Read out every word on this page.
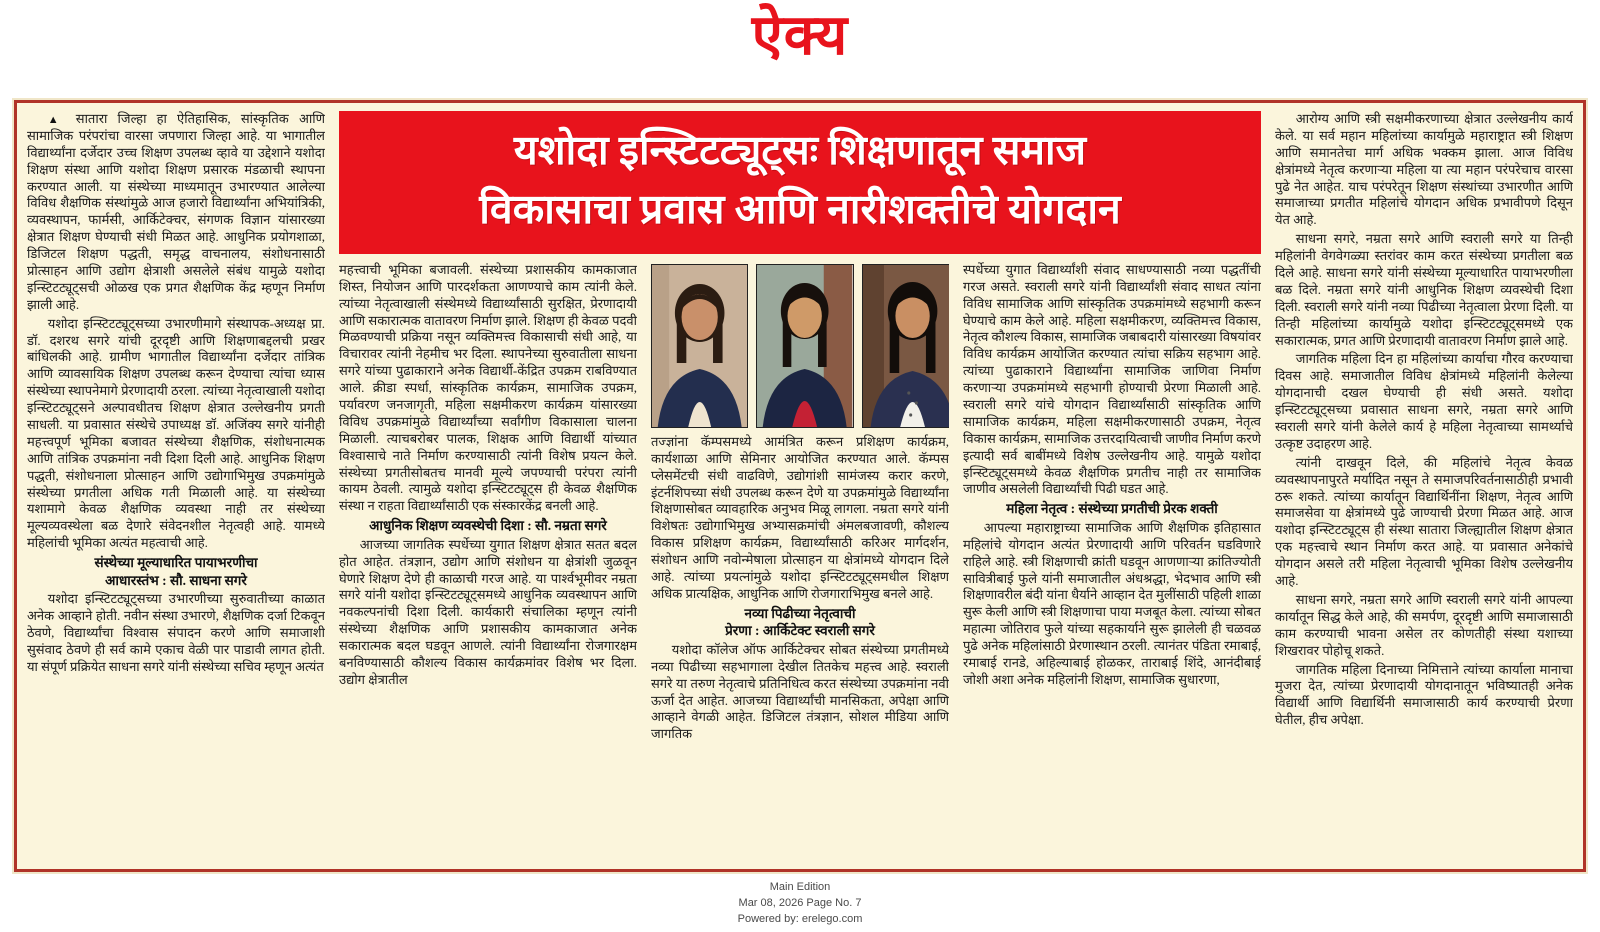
ऐक्य

▲ सातारा जिल्हा हा ऐतिहासिक, सांस्कृतिक आणि सामाजिक परंपरांचा वारसा जपणारा जिल्हा आहे. या भागातील विद्यार्थ्यांना दर्जेदार उच्च शिक्षण उपलब्ध व्हावे या उद्देशाने यशोदा शिक्षण संस्था आणि यशोदा शिक्षण प्रसारक मंडळाची स्थापना करण्यात आली. या संस्थेच्या माध्यमातून उभारण्यात आलेल्या विविध शैक्षणिक संस्थांमुळे आज हजारो विद्यार्थ्यांना अभियांत्रिकी, व्यवस्थापन, फार्मसी, आर्किटेक्चर, संगणक विज्ञान यांसारख्या क्षेत्रात शिक्षण घेण्याची संधी मिळत आहे. आधुनिक प्रयोगशाळा, डिजिटल शिक्षण पद्धती, समृद्ध वाचनालय, संशोधनासाठी प्रोत्साहन आणि उद्योग क्षेत्राशी असलेले संबंध यामुळे यशोदा इन्स्टिटट्यूट्सची ओळख एक प्रगत शैक्षणिक केंद्र म्हणून निर्माण झाली आहे.

यशोदा इन्स्टिटट्यूट्सच्या उभारणीमागे संस्थापक-अध्यक्ष प्रा. डॉ. दशरथ सगरे यांची दूरदृष्टी आणि शिक्षणाबद्दलची प्रखर बांधिलकी आहे. ग्रामीण भागातील विद्यार्थ्यांना दर्जेदार तांत्रिक आणि व्यावसायिक शिक्षण उपलब्ध करून देण्याचा त्यांचा ध्यास संस्थेच्या स्थापनेमागे प्रेरणादायी ठरला. त्यांच्या नेतृत्वाखाली यशोदा इन्स्टिटट्यूट्सने अल्पावधीतच शिक्षण क्षेत्रात उल्लेखनीय प्रगती साधली. या प्रवासात संस्थेचे उपाध्यक्ष डॉ. अजिंक्य सगरे यांनीही महत्त्वपूर्ण भूमिका बजावत संस्थेच्या शैक्षणिक, संशोधनात्मक आणि तांत्रिक उपक्रमांना नवी दिशा दिली आहे. आधुनिक शिक्षण पद्धती, संशोधनाला प्रोत्साहन आणि उद्योगाभिमुख उपक्रमांमुळे संस्थेच्या प्रगतीला अधिक गती मिळाली आहे. या संस्थेच्या यशामागे केवळ शैक्षणिक व्यवस्था नाही तर संस्थेच्या मूल्यव्यवस्थेला बळ देणारे संवेदनशील नेतृत्वही आहे. यामध्ये महिलांची भूमिका अत्यंत महत्वाची आहे.

संस्थेच्या मूल्याधारित पायाभरणीचा
आधारस्तंभ : सौ. साधना सगरे

यशोदा इन्स्टिटट्यूट्सच्या उभारणीच्या सुरुवातीच्या काळात अनेक आव्हाने होती. नवीन संस्था उभारणे, शैक्षणिक दर्जा टिकवून ठेवणे, विद्यार्थ्यांचा विश्वास संपादन करणे आणि समाजाशी सुसंवाद ठेवणे ही सर्व कामे एकाच वेळी पार पाडावी लागत होती. या संपूर्ण प्रक्रियेत साधना सगरे यांनी संस्थेच्या सचिव म्हणून अत्यंत

यशोदा इन्स्टिटट्यूट्सः शिक्षणातून समाज
विकासाचा प्रवास आणि नारीशक्तीचे योगदान

महत्त्वाची भूमिका बजावली. संस्थेच्या प्रशासकीय कामकाजात शिस्त, नियोजन आणि पारदर्शकता आणण्याचे काम त्यांनी केले. त्यांच्या नेतृत्वाखाली संस्थेमध्ये विद्यार्थ्यांसाठी सुरक्षित, प्रेरणादायी आणि सकारात्मक वातावरण निर्माण झाले. शिक्षण ही केवळ पदवी मिळवण्याची प्रक्रिया नसून व्यक्तिमत्त्व विकासाची संधी आहे, या विचारावर त्यांनी नेहमीच भर दिला. स्थापनेच्या सुरुवातीला साधना सगरे यांच्या पुढाकाराने अनेक विद्यार्थी-केंद्रित उपक्रम राबविण्यात आले. क्रीडा स्पर्धा, सांस्कृतिक कार्यक्रम, सामाजिक उपक्रम, पर्यावरण जनजागृती, महिला सक्षमीकरण कार्यक्रम यांसारख्या विविध उपक्रमांमुळे विद्यार्थ्यांच्या सर्वांगीण विकासाला चालना मिळाली. त्याचबरोबर पालक, शिक्षक आणि विद्यार्थी यांच्यात विश्वासाचे नाते निर्माण करण्यासाठी त्यांनी विशेष प्रयत्न केले. संस्थेच्या प्रगतीसोबतच मानवी मूल्ये जपण्याची परंपरा त्यांनी कायम ठेवली. त्यामुळे यशोदा इन्स्टिटट्यूट्स ही केवळ शैक्षणिक संस्था न राहता विद्यार्थ्यांसाठी एक संस्कारकेंद्र बनली आहे.

आधुनिक शिक्षण व्यवस्थेची दिशा : सौ. नम्रता सगरे

आजच्या जागतिक स्पर्धेच्या युगात शिक्षण क्षेत्रात सतत बदल होत आहेत. तंत्रज्ञान, उद्योग आणि संशोधन या क्षेत्रांशी जुळवून घेणारे शिक्षण देणे ही काळाची गरज आहे. या पार्श्वभूमीवर नम्रता सगरे यांनी यशोदा इन्स्टिटट्यूट्समध्ये आधुनिक व्यवस्थापन आणि नवकल्पनांची दिशा दिली. कार्यकारी संचालिका म्हणून त्यांनी संस्थेच्या शैक्षणिक आणि प्रशासकीय कामकाजात अनेक सकारात्मक बदल घडवून आणले. त्यांनी विद्यार्थ्यांना रोजगारक्षम बनविण्यासाठी कौशल्य विकास कार्यक्रमांवर विशेष भर दिला. उद्योग क्षेत्रातील

तज्ज्ञांना कॅम्पसमध्ये आमंत्रित करून प्रशिक्षण कार्यक्रम, कार्यशाळा आणि सेमिनार आयोजित करण्यात आले. कॅम्पस प्लेसमेंटची संधी वाढविणे, उद्योगांशी सामंजस्य करार करणे, इंटर्नशिपच्या संधी उपलब्ध करून देणे या उपक्रमांमुळे विद्यार्थ्यांना शिक्षणासोबत व्यावहारिक अनुभव मिळू लागला. नम्रता सगरे यांनी विशेषतः उद्योगाभिमुख अभ्यासक्रमांची अंमलबजावणी, कौशल्य विकास प्रशिक्षण कार्यक्रम, विद्यार्थ्यांसाठी करिअर मार्गदर्शन, संशोधन आणि नवोन्मेषाला प्रोत्साहन या क्षेत्रांमध्ये योगदान दिले आहे. त्यांच्या प्रयत्नांमुळे यशोदा इन्स्टिटट्यूट्समधील शिक्षण अधिक प्रात्यक्षिक, आधुनिक आणि रोजगाराभिमुख बनले आहे.

नव्या पिढीच्या नेतृत्वाची
प्रेरणा : आर्किटेक्ट स्वराली सगरे

यशोदा कॉलेज ऑफ आर्किटेक्चर सोबत संस्थेच्या प्रगतीमध्ये नव्या पिढीच्या सहभागाला देखील तितकेच महत्त्व आहे. स्वराली सगरे या तरुण नेतृत्वाचे प्रतिनिधित्व करत संस्थेच्या उपक्रमांना नवी ऊर्जा देत आहेत. आजच्या विद्यार्थ्यांची मानसिकता, अपेक्षा आणि आव्हाने वेगळी आहेत. डिजिटल तंत्रज्ञान, सोशल मीडिया आणि जागतिक

स्पर्धेच्या युगात विद्यार्थ्यांशी संवाद साधण्यासाठी नव्या पद्धतींची गरज असते. स्वराली सगरे यांनी विद्यार्थ्यांशी संवाद साधत त्यांना विविध सामाजिक आणि सांस्कृतिक उपक्रमांमध्ये सहभागी करून घेण्याचे काम केले आहे. महिला सक्षमीकरण, व्यक्तिमत्त्व विकास, नेतृत्व कौशल्य विकास, सामाजिक जबाबदारी यांसारख्या विषयांवर विविध कार्यक्रम आयोजित करण्यात त्यांचा सक्रिय सहभाग आहे. त्यांच्या पुढाकाराने विद्यार्थ्यांना सामाजिक जाणिवा निर्माण करणाऱ्या उपक्रमांमध्ये सहभागी होण्याची प्रेरणा मिळाली आहे. स्वराली सगरे यांचे योगदान विद्यार्थ्यांसाठी सांस्कृतिक आणि सामाजिक कार्यक्रम, महिला सक्षमीकरणासाठी उपक्रम, नेतृत्व विकास कार्यक्रम, सामाजिक उत्तरदायित्वाची जाणीव निर्माण करणे इत्यादी सर्व बाबींमध्ये विशेष उल्लेखनीय आहे. यामुळे यशोदा इन्स्टिट्यूट्समध्ये केवळ शैक्षणिक प्रगतीच नाही तर सामाजिक जाणीव असलेली विद्यार्थ्यांची पिढी घडत आहे.

महिला नेतृत्व : संस्थेच्या प्रगतीची प्रेरक शक्ती

आपल्या महाराष्ट्राच्या सामाजिक आणि शैक्षणिक इतिहासात महिलांचे योगदान अत्यंत प्रेरणादायी आणि परिवर्तन घडविणारे राहिले आहे. स्त्री शिक्षणाची क्रांती घडवून आणणाऱ्या क्रांतिज्योती सावित्रीबाई फुले यांनी समाजातील अंधश्रद्धा, भेदभाव आणि स्त्री शिक्षणावरील बंदी यांना धैर्याने आव्हान देत मुलींसाठी पहिली शाळा सुरू केली आणि स्त्री शिक्षणाचा पाया मजबूत केला. त्यांच्या सोबत महात्मा जोतिराव फुले यांच्या सहकार्याने सुरू झालेली ही चळवळ पुढे अनेक महिलांसाठी प्रेरणास्थान ठरली. त्यानंतर पंडिता रमाबाई, रमाबाई रानडे, अहिल्याबाई होळकर, ताराबाई शिंदे, आनंदीबाई जोशी अशा अनेक महिलांनी शिक्षण, सामाजिक सुधारणा,

आरोग्य आणि स्त्री सक्षमीकरणाच्या क्षेत्रात उल्लेखनीय कार्य केले. या सर्व महान महिलांच्या कार्यामुळे महाराष्ट्रात स्त्री शिक्षण आणि समानतेचा मार्ग अधिक भक्कम झाला. आज विविध क्षेत्रांमध्ये नेतृत्व करणाऱ्या महिला या त्या महान परंपरेचाच वारसा पुढे नेत आहेत. याच परंपरेतून शिक्षण संस्थांच्या उभारणीत आणि समाजाच्या प्रगतीत महिलांचे योगदान अधिक प्रभावीपणे दिसून येत आहे.

साधना सगरे, नम्रता सगरे आणि स्वराली सगरे या तिन्ही महिलांनी वेगवेगळ्या स्तरांवर काम करत संस्थेच्या प्रगतीला बळ दिले आहे. साधना सगरे यांनी संस्थेच्या मूल्याधारित पायाभरणीला बळ दिले. नम्रता सगरे यांनी आधुनिक शिक्षण व्यवस्थेची दिशा दिली. स्वराली सगरे यांनी नव्या पिढीच्या नेतृत्वाला प्रेरणा दिली. या तिन्ही महिलांच्या कार्यामुळे यशोदा इन्स्टिटट्यूट्समध्ये एक सकारात्मक, प्रगत आणि प्रेरणादायी वातावरण निर्माण झाले आहे.

जागतिक महिला दिन हा महिलांच्या कार्याचा गौरव करण्याचा दिवस आहे. समाजातील विविध क्षेत्रांमध्ये महिलांनी केलेल्या योगदानाची दखल घेण्याची ही संधी असते. यशोदा इन्स्टिटट्यूट्सच्या प्रवासात साधना सगरे, नम्रता सगरे आणि स्वराली सगरे यांनी केलेले कार्य हे महिला नेतृत्वाच्या सामर्थ्याचे उत्कृष्ट उदाहरण आहे.

त्यांनी दाखवून दिले, की महिलांचे नेतृत्व केवळ व्यवस्थापनापुरते मर्यादित नसून ते समाजपरिवर्तनासाठीही प्रभावी ठरू शकते. त्यांच्या कार्यातून विद्यार्थिनींना शिक्षण, नेतृत्व आणि समाजसेवा या क्षेत्रांमध्ये पुढे जाण्याची प्रेरणा मिळत आहे. आज यशोदा इन्स्टिटट्यूट्स ही संस्था सातारा जिल्ह्यातील शिक्षण क्षेत्रात एक महत्त्वाचे स्थान निर्माण करत आहे. या प्रवासात अनेकांचे योगदान असले तरी महिला नेतृत्वाची भूमिका विशेष उल्लेखनीय आहे.

साधना सगरे, नम्रता सगरे आणि स्वराली सगरे यांनी आपल्या कार्यातून सिद्ध केले आहे, की समर्पण, दूरदृष्टी आणि समाजासाठी काम करण्याची भावना असेल तर कोणतीही संस्था यशाच्या शिखरावर पोहोचू शकते.

जागतिक महिला दिनाच्या निमित्ताने त्यांच्या कार्याला मानाचा मुजरा देत, त्यांच्या प्रेरणादायी योगदानातून भविष्यातही अनेक विद्यार्थी आणि विद्यार्थिनी समाजासाठी कार्य करण्याची प्रेरणा घेतील, हीच अपेक्षा.

Main Edition
Mar 08, 2026 Page No. 7
Powered by: erelego.com
